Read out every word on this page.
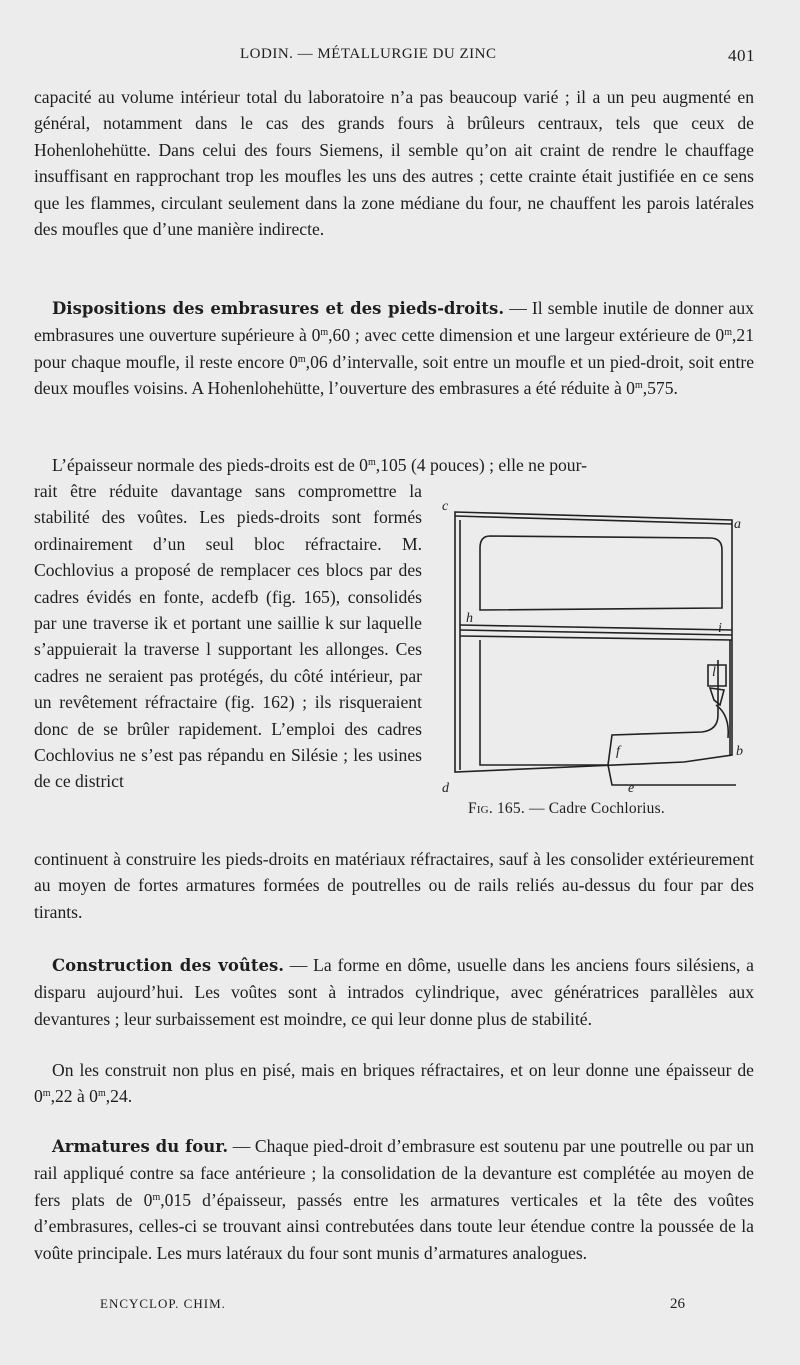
LODIN. — MÉTALLURGIE DU ZINC	401

capacité au volume intérieur total du laboratoire n’a pas beaucoup varié ; il a un peu augmenté en général, notamment dans le cas des grands fours à brûleurs centraux, tels que ceux de Hohenlohehütte. Dans celui des fours Siemens, il semble qu’on ait craint de rendre le chauffage insuffisant en rapprochant trop les moufles les uns des autres ; cette crainte était justifiée en ce sens que les flammes, circulant seulement dans la zone médiane du four, ne chauffent les parois latérales des moufles que d’une manière indirecte.

Dispositions des embrasures et des pieds-droits. — Il semble inutile de donner aux embrasures une ouverture supérieure à 0$^m$,60 ; avec cette dimension et une largeur extérieure de 0$^m$,21 pour chaque moufle, il reste encore 0$^m$,06 d’intervalle, soit entre un moufle et un pied-droit, soit entre deux moufles voisins. A Hohenlohehütte, l’ouverture des embrasures a été réduite à 0$^m$,575.

L’épaisseur normale des pieds-droits est de 0$^m$,105 (4 pouces) ; elle ne pour-

rait être réduite davantage sans compromettre la stabilité des voûtes. Les pieds-droits sont formés ordinairement d’un seul bloc réfractaire. M. Cochlovius a proposé de remplacer ces blocs par des cadres évidés en fonte, acdefb (fig. 165), consolidés par une traverse ik et portant une saillie k sur laquelle s’appuierait la traverse l supportant les allonges. Ces cadres ne seraient pas protégés, du côté intérieur, par un revêtement réfractaire (fig. 162) ; ils risqueraient donc de se brûler rapidement. L’emploi des cadres Cochlovius ne s’est pas répandu en Silésie ; les usines de ce district

continuent à construire les pieds-droits en matériaux réfractaires, sauf à les consolider extérieurement au moyen de fortes armatures formées de poutrelles ou de rails reliés au-dessus du four par des tirants.

c
a
h
i
l
f	b
d	e
Fig. 165. — Cadre Cochlorius.

Construction des voûtes. — La forme en dôme, usuelle dans les anciens fours silésiens, a disparu aujourd’hui. Les voûtes sont à intrados cylindrique, avec génératrices parallèles aux devantures ; leur surbaissement est moindre, ce qui leur donne plus de stabilité.

On les construit non plus en pisé, mais en briques réfractaires, et on leur donne une épaisseur de 0$^m$,22 à 0$^m$,24.

Armatures du four. — Chaque pied-droit d’embrasure est soutenu par une poutrelle ou par un rail appliqué contre sa face antérieure ; la consolidation de la devanture est complétée au moyen de fers plats de 0$^m$,015 d’épaisseur, passés entre les armatures verticales et la tête des voûtes d’embrasures, celles-ci se trouvant ainsi contrebutées dans toute leur étendue contre la poussée de la voûte principale. Les murs latéraux du four sont munis d’armatures analogues.

ENCYCLOP. CHIM.	26
